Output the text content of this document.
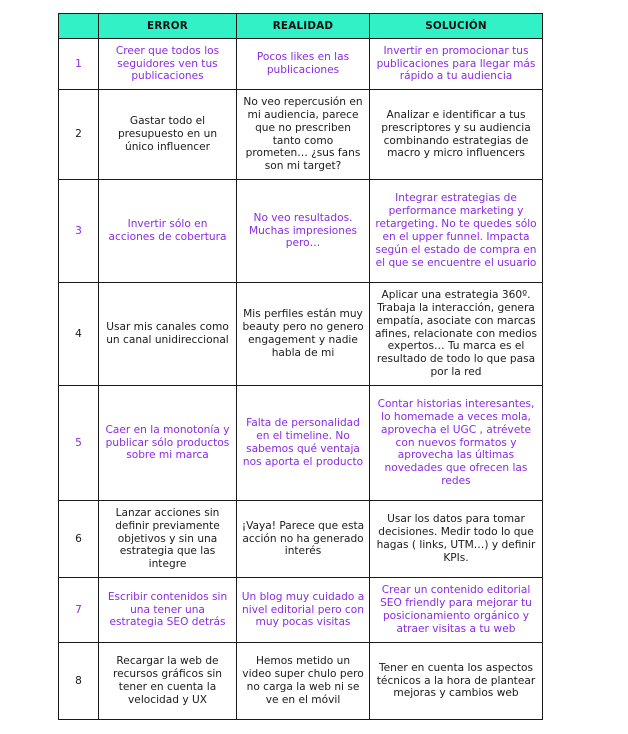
	ERROR	REALIDAD	SOLUCIÓN
1	Creer que todos los seguidores ven tus publicaciones	Pocos likes en las publicaciones	Invertir en promocionar tus publicaciones para llegar más rápido a tu audiencia
2	Gastar todo el presupuesto en un único influencer	No veo repercusión en mi audiencia, parece que no prescriben tanto como prometen… ¿sus fans son mi target?	Analizar e identificar a tus prescriptores y su audiencia combinando estrategias de macro y micro influencers
3	Invertir sólo en acciones de cobertura	No veo resultados. Muchas impresiones pero…	Integrar estrategias de performance marketing y retargeting. No te quedes sólo en el upper funnel. Impacta según el estado de compra en el que se encuentre el usuario
4	Usar mis canales como un canal unidireccional	Mis perfiles están muy beauty pero no genero engagement y nadie habla de mi	Aplicar una estrategia 360º. Trabaja la interacción, genera empatía, asociate con marcas afines, relacionate con medios expertos… Tu marca es el resultado de todo lo que pasa por la red
5	Caer en la monotonía y publicar sólo productos sobre mi marca	Falta de personalidad en el timeline. No sabemos qué ventaja nos aporta el producto	Contar historias interesantes, lo homemade a veces mola, aprovecha el UGC , atrévete con nuevos formatos y aprovecha las últimas novedades que ofrecen las redes
6	Lanzar acciones sin definir previamente objetivos y sin una estrategia que las integre	¡Vaya! Parece que esta acción no ha generado interés	Usar los datos para tomar decisiones. Medir todo lo que hagas ( links, UTM…) y definir KPIs.
7	Escribir contenidos sin una tener una estrategia SEO detrás	Un blog muy cuidado a nivel editorial pero con muy pocas visitas	Crear un contenido editorial SEO friendly para mejorar tu posicionamiento orgánico y atraer visitas a tu web
8	Recargar la web de recursos gráficos sin tener en cuenta la velocidad y UX	Hemos metido un video super chulo pero no carga la web ni se ve en el móvil	Tener en cuenta los aspectos técnicos a la hora de plantear mejoras y cambios web
